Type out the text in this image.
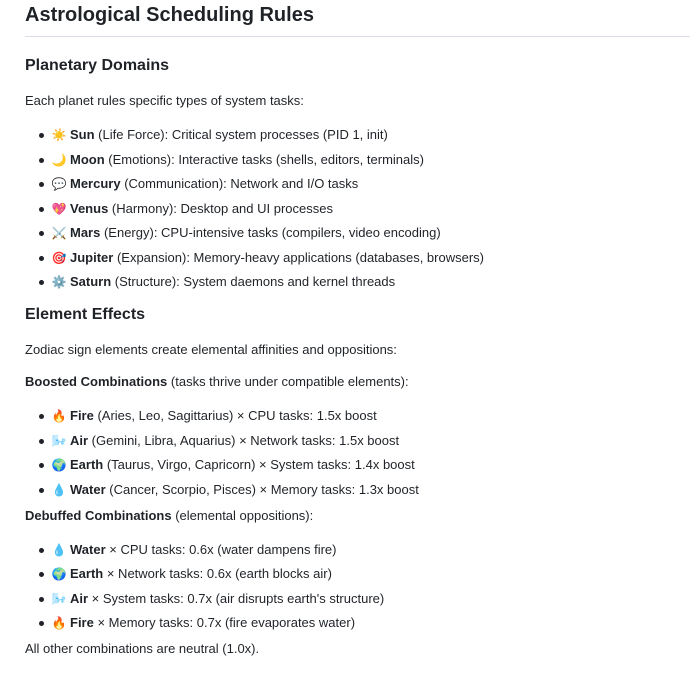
Astrological Scheduling Rules
Planetary Domains

Each planet rules specific types of system tasks:

☀️ Sun (Life Force): Critical system processes (PID 1, init)
🌙 Moon (Emotions): Interactive tasks (shells, editors, terminals)
💬 Mercury (Communication): Network and I/O tasks
💖 Venus (Harmony): Desktop and UI processes
⚔️ Mars (Energy): CPU-intensive tasks (compilers, video encoding)
🎯 Jupiter (Expansion): Memory-heavy applications (databases, browsers)
⚙️ Saturn (Structure): System daemons and kernel threads
Element Effects

Zodiac sign elements create elemental affinities and oppositions:

Boosted Combinations (tasks thrive under compatible elements):

🔥 Fire (Aries, Leo, Sagittarius) × CPU tasks: 1.5x boost
🌬️ Air (Gemini, Libra, Aquarius) × Network tasks: 1.5x boost
🌍 Earth (Taurus, Virgo, Capricorn) × System tasks: 1.4x boost
💧 Water (Cancer, Scorpio, Pisces) × Memory tasks: 1.3x boost

Debuffed Combinations (elemental oppositions):

💧 Water × CPU tasks: 0.6x (water dampens fire)
🌍 Earth × Network tasks: 0.6x (earth blocks air)
🌬️ Air × System tasks: 0.7x (air disrupts earth's structure)
🔥 Fire × Memory tasks: 0.7x (fire evaporates water)

All other combinations are neutral (1.0x).
